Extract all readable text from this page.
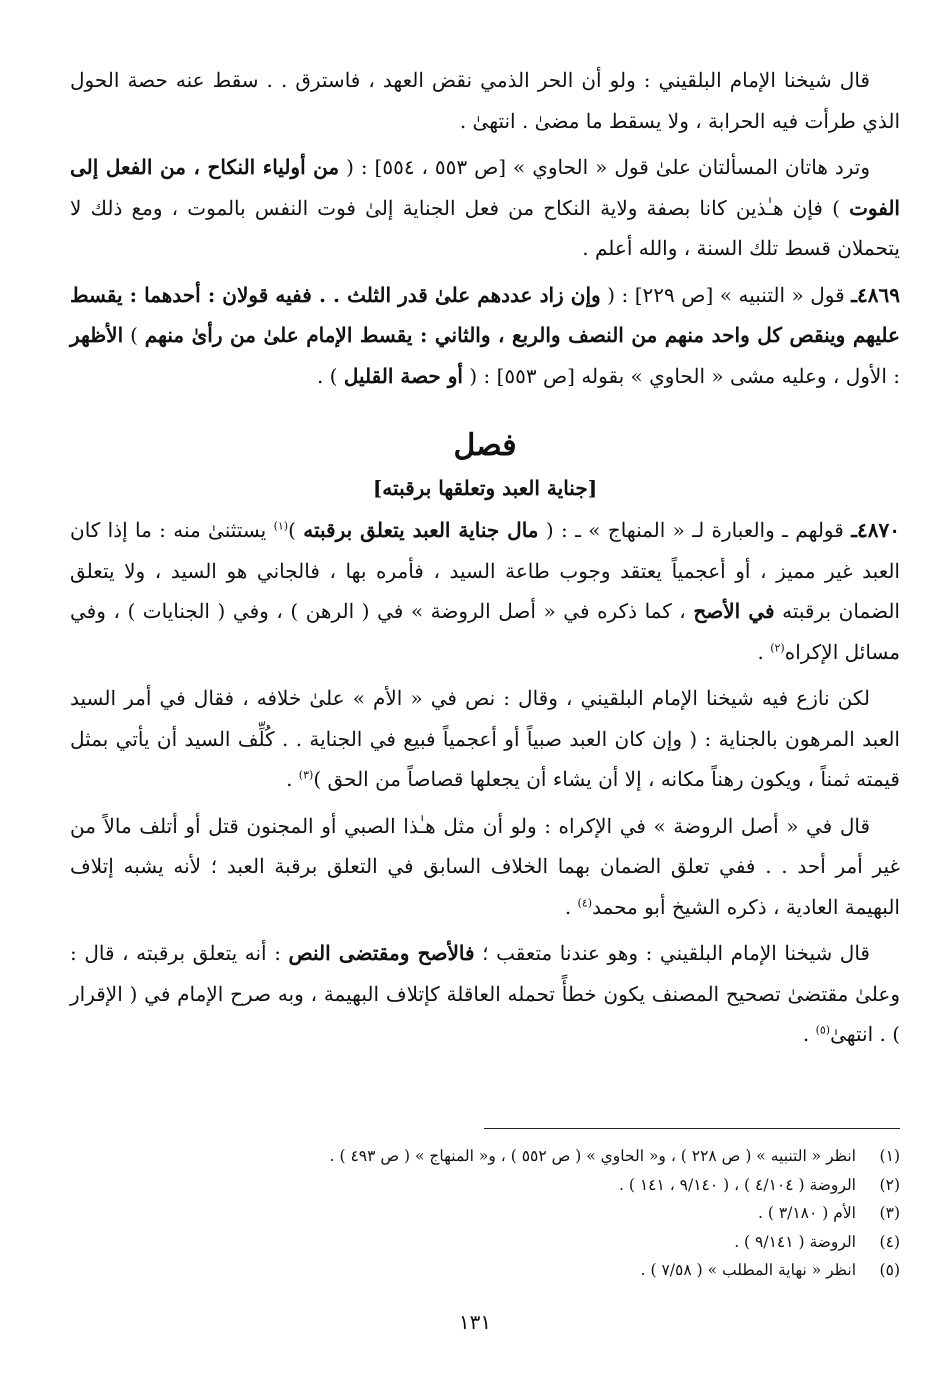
قال شيخنا الإمام البلقيني : ولو أن الحر الذمي نقض العهد ، فاسترق . . سقط عنه حصة الحول الذي طرأت فيه الحرابة ، ولا يسقط ما مضىٰ . انتهىٰ .

وترد هاتان المسألتان علىٰ قول « الحاوي » [ص ٥٥٣ ، ٥٥٤] : ( من أولياء النكاح ، من الفعل إلى الفوت ) فإن هـٰذين كانا بصفة ولاية النكاح من فعل الجناية إلىٰ فوت النفس بالموت ، ومع ذلك لا يتحملان قسط تلك السنة ، والله أعلم .

٤٨٦٩ـ قول « التنبيه » [ص ٢٢٩] : ( وإن زاد عددهم علىٰ قدر الثلث . . ففيه قولان : أحدهما : يقسط عليهم وينقص كل واحد منهم من النصف والربع ، والثاني : يقسط الإمام علىٰ من رأىٰ منهم ) الأظهر : الأول ، وعليه مشى « الحاوي » بقوله [ص ٥٥٣] : ( أو حصة القليل ) .

فصل
[جناية العبد وتعلقها برقبته]

٤٨٧٠ـ قولهم ـ والعبارة لـ « المنهاج » ـ : ( مال جناية العبد يتعلق برقبته )$^{(١)}$ يستثنىٰ منه : ما إذا كان العبد غير مميز ، أو أعجمياً يعتقد وجوب طاعة السيد ، فأمره بها ، فالجاني هو السيد ، ولا يتعلق الضمان برقبته في الأصح ، كما ذكره في « أصل الروضة » في ( الرهن ) ، وفي ( الجنايات ) ، وفي مسائل الإكراه$^{(٢)}$ .

لكن نازع فيه شيخنا الإمام البلقيني ، وقال : نص في « الأم » علىٰ خلافه ، فقال في أمر السيد العبد المرهون بالجناية : ( وإن كان العبد صبياً أو أعجمياً فبيع في الجناية . . كُلِّف السيد أن يأتي بمثل قيمته ثمناً ، ويكون رهناً مكانه ، إلا أن يشاء أن يجعلها قصاصاً من الحق )$^{(٣)}$ .

قال في « أصل الروضة » في الإكراه : ولو أن مثل هـٰذا الصبي أو المجنون قتل أو أتلف مالاً من غير أمر أحد . . ففي تعلق الضمان بهما الخلاف السابق في التعلق برقبة العبد ؛ لأنه يشبه إتلاف البهيمة العادية ، ذكره الشيخ أبو محمد$^{(٤)}$ .

قال شيخنا الإمام البلقيني : وهو عندنا متعقب ؛ فالأصح ومقتضى النص : أنه يتعلق برقبته ، قال : وعلىٰ مقتضىٰ تصحيح المصنف يكون خطأً تحمله العاقلة كإتلاف البهيمة ، وبه صرح الإمام في ( الإقرار ) . انتهىٰ$^{(٥)}$ .

(١)
انظر « التنبيه » ( ص ٢٢٨ ) ، و« الحاوي » ( ص ٥٥٢ ) ، و« المنهاج » ( ص ٤٩٣ ) .
(٢)
الروضة ( ٤/١٠٤ ) ، ( ٩/١٤٠ ، ١٤١ ) .
(٣)
الأم ( ٣/١٨٠ ) .
(٤)
الروضة ( ٩/١٤١ ) .
(٥)
انظر « نهاية المطلب » ( ٧/٥٨ ) .
١٣١
